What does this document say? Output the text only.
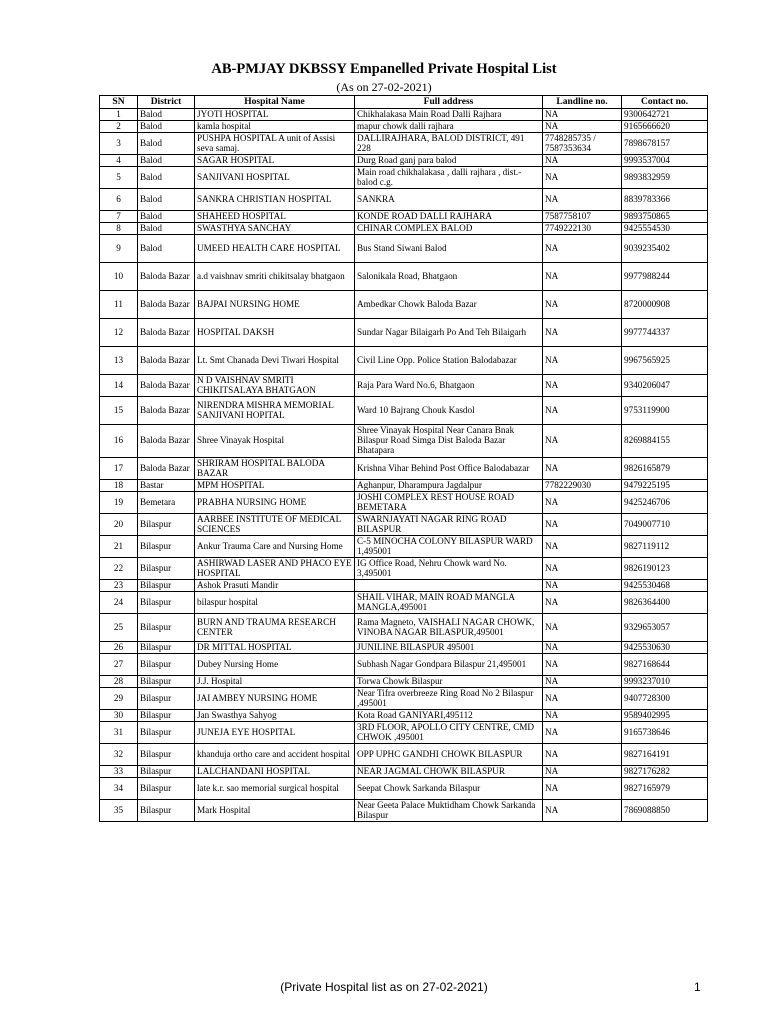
AB-PMJAY DKBSSY Empanelled Private Hospital List
(As on 27-02-2021)
SN	District	Hospital Name	Full address	Landline no.	Contact no.
1	Balod	JYOTI HOSPITAL	Chikhalakasa Main Road Dalli Rajhara	NA	9300642721
2	Balod	kamla hospital	mapur chowk dalli rajhara	NA	9165666620
3	Balod	PUSHPA HOSPITAL A unit of Assisi seva samaj.	DALLIRAJHARA, BALOD DISTRICT, 491 228	7748285735 / 7587353634	7898678157
4	Balod	SAGAR HOSPITAL	Durg Road ganj para balod	NA	9993537004
5	Balod	SANJIVANI HOSPITAL	Main road chikhalakasa , dalli rajhara , dist.- balod c.g.	NA	9893832959
6	Balod	SANKRA CHRISTIAN HOSPITAL	SANKRA	NA	8839783366
7	Balod	SHAHEED HOSPITAL	KONDE ROAD DALLI RAJHARA	7587758107	9893750865
8	Balod	SWASTHYA SANCHAY	CHINAR COMPLEX BALOD	7749222130	9425554530
9	Balod	UMEED HEALTH CARE HOSPITAL	Bus Stand Siwani Balod	NA	9039235402
10	Baloda Bazar	a.d vaishnav smriti chikitsalay bhatgaon	Salonikala Road, Bhatgaon	NA	9977988244
11	Baloda Bazar	BAJPAI NURSING HOME	Ambedkar Chowk Baloda Bazar	NA	8720000908
12	Baloda Bazar	HOSPITAL DAKSH	Sundar Nagar Bilaigarh Po And Teh Bilaigarh	NA	9977744337
13	Baloda Bazar	Lt. Smt Chanada Devi Tiwari Hospital	Civil Line Opp. Police Station Balodabazar	NA	9967565925
14	Baloda Bazar	N D VAISHNAV SMRITI CHIKITSALAYA BHATGAON	Raja Para Ward No.6, Bhatgaon	NA	9340206047
15	Baloda Bazar	NIRENDRA MISHRA MEMORIAL SANJIVANI HOPITAL	Ward 10 Bajrang Chouk Kasdol	NA	9753119900
16	Baloda Bazar	Shree Vinayak Hospital	Shree Vinayak Hospital Near Canara Bnak Bilaspur Road Simga Dist Baloda Bazar Bhatapara	NA	8269884155
17	Baloda Bazar	SHRIRAM HOSPITAL BALODA BAZAR	Krishna Vihar Behind Post Office Balodabazar	NA	9826165879
18	Bastar	MPM HOSPITAL	Aghanpur, Dharampura Jagdalpur	7782229030	9479225195
19	Bemetara	PRABHA NURSING HOME	JOSHI COMPLEX REST HOUSE ROAD BEMETARA	NA	9425246706
20	Bilaspur	AARBEE INSTITUTE OF MEDICAL SCIENCES	SWARNJAYATI NAGAR RING ROAD BILASPUR	NA	7049007710
21	Bilaspur	Ankur Trauma Care and Nursing Home	C-5 MINOCHA COLONY BILASPUR WARD 1,495001	NA	9827119112
22	Bilaspur	ASHIRWAD LASER AND PHACO EYE HOSPITAL	IG Office Road, Nehru Chowk ward No. 3,495001	NA	9826190123
23	Bilaspur	Ashok Prasuti Mandir		NA	9425530468
24	Bilaspur	bilaspur hospital	SHAIL VIHAR, MAIN ROAD MANGLA MANGLA,495001	NA	9826364400
25	Bilaspur	BURN AND TRAUMA RESEARCH CENTER	Rama Magneto, VAISHALI NAGAR CHOWK, VINOBA NAGAR BILASPUR,495001	NA	9329653057
26	Bilaspur	DR MITTAL HOSPITAL	JUNILINE BILASPUR 495001	NA	9425530630
27	Bilaspur	Dubey Nursing Home	Subhash Nagar Gondpara Bilaspur 21,495001	NA	9827168644
28	Bilaspur	J.J. Hospital	Torwa Chowk Bilaspur	NA	9993237010
29	Bilaspur	JAI AMBEY NURSING HOME	Near Tifra overbreeze Ring Road No 2 Bilaspur ,495001	NA	9407728300
30	Bilaspur	Jan Swasthya Sahyog	Kota Road GANIYARI,495112	NA	9589402995
31	Bilaspur	JUNEJA EYE HOSPITAL	3RD FLOOR, APOLLO CITY CENTRE, CMD CHWOK ,495001	NA	9165738646
32	Bilaspur	khanduja ortho care and accident hospital	OPP UPHC GANDHI CHOWK BILASPUR	NA	9827164191
33	Bilaspur	LALCHANDANI HOSPITAL	NEAR JAGMAL CHOWK BILASPUR	NA	9827176282
34	Bilaspur	late k.r. sao memorial surgical hospital	Seepat Chowk Sarkanda Bilaspur	NA	9827165979
35	Bilaspur	Mark Hospital	Near Geeta Palace Muktidham Chowk Sarkanda Bilaspur	NA	7869088850
(Private Hospital list as on 27-02-2021)	1
